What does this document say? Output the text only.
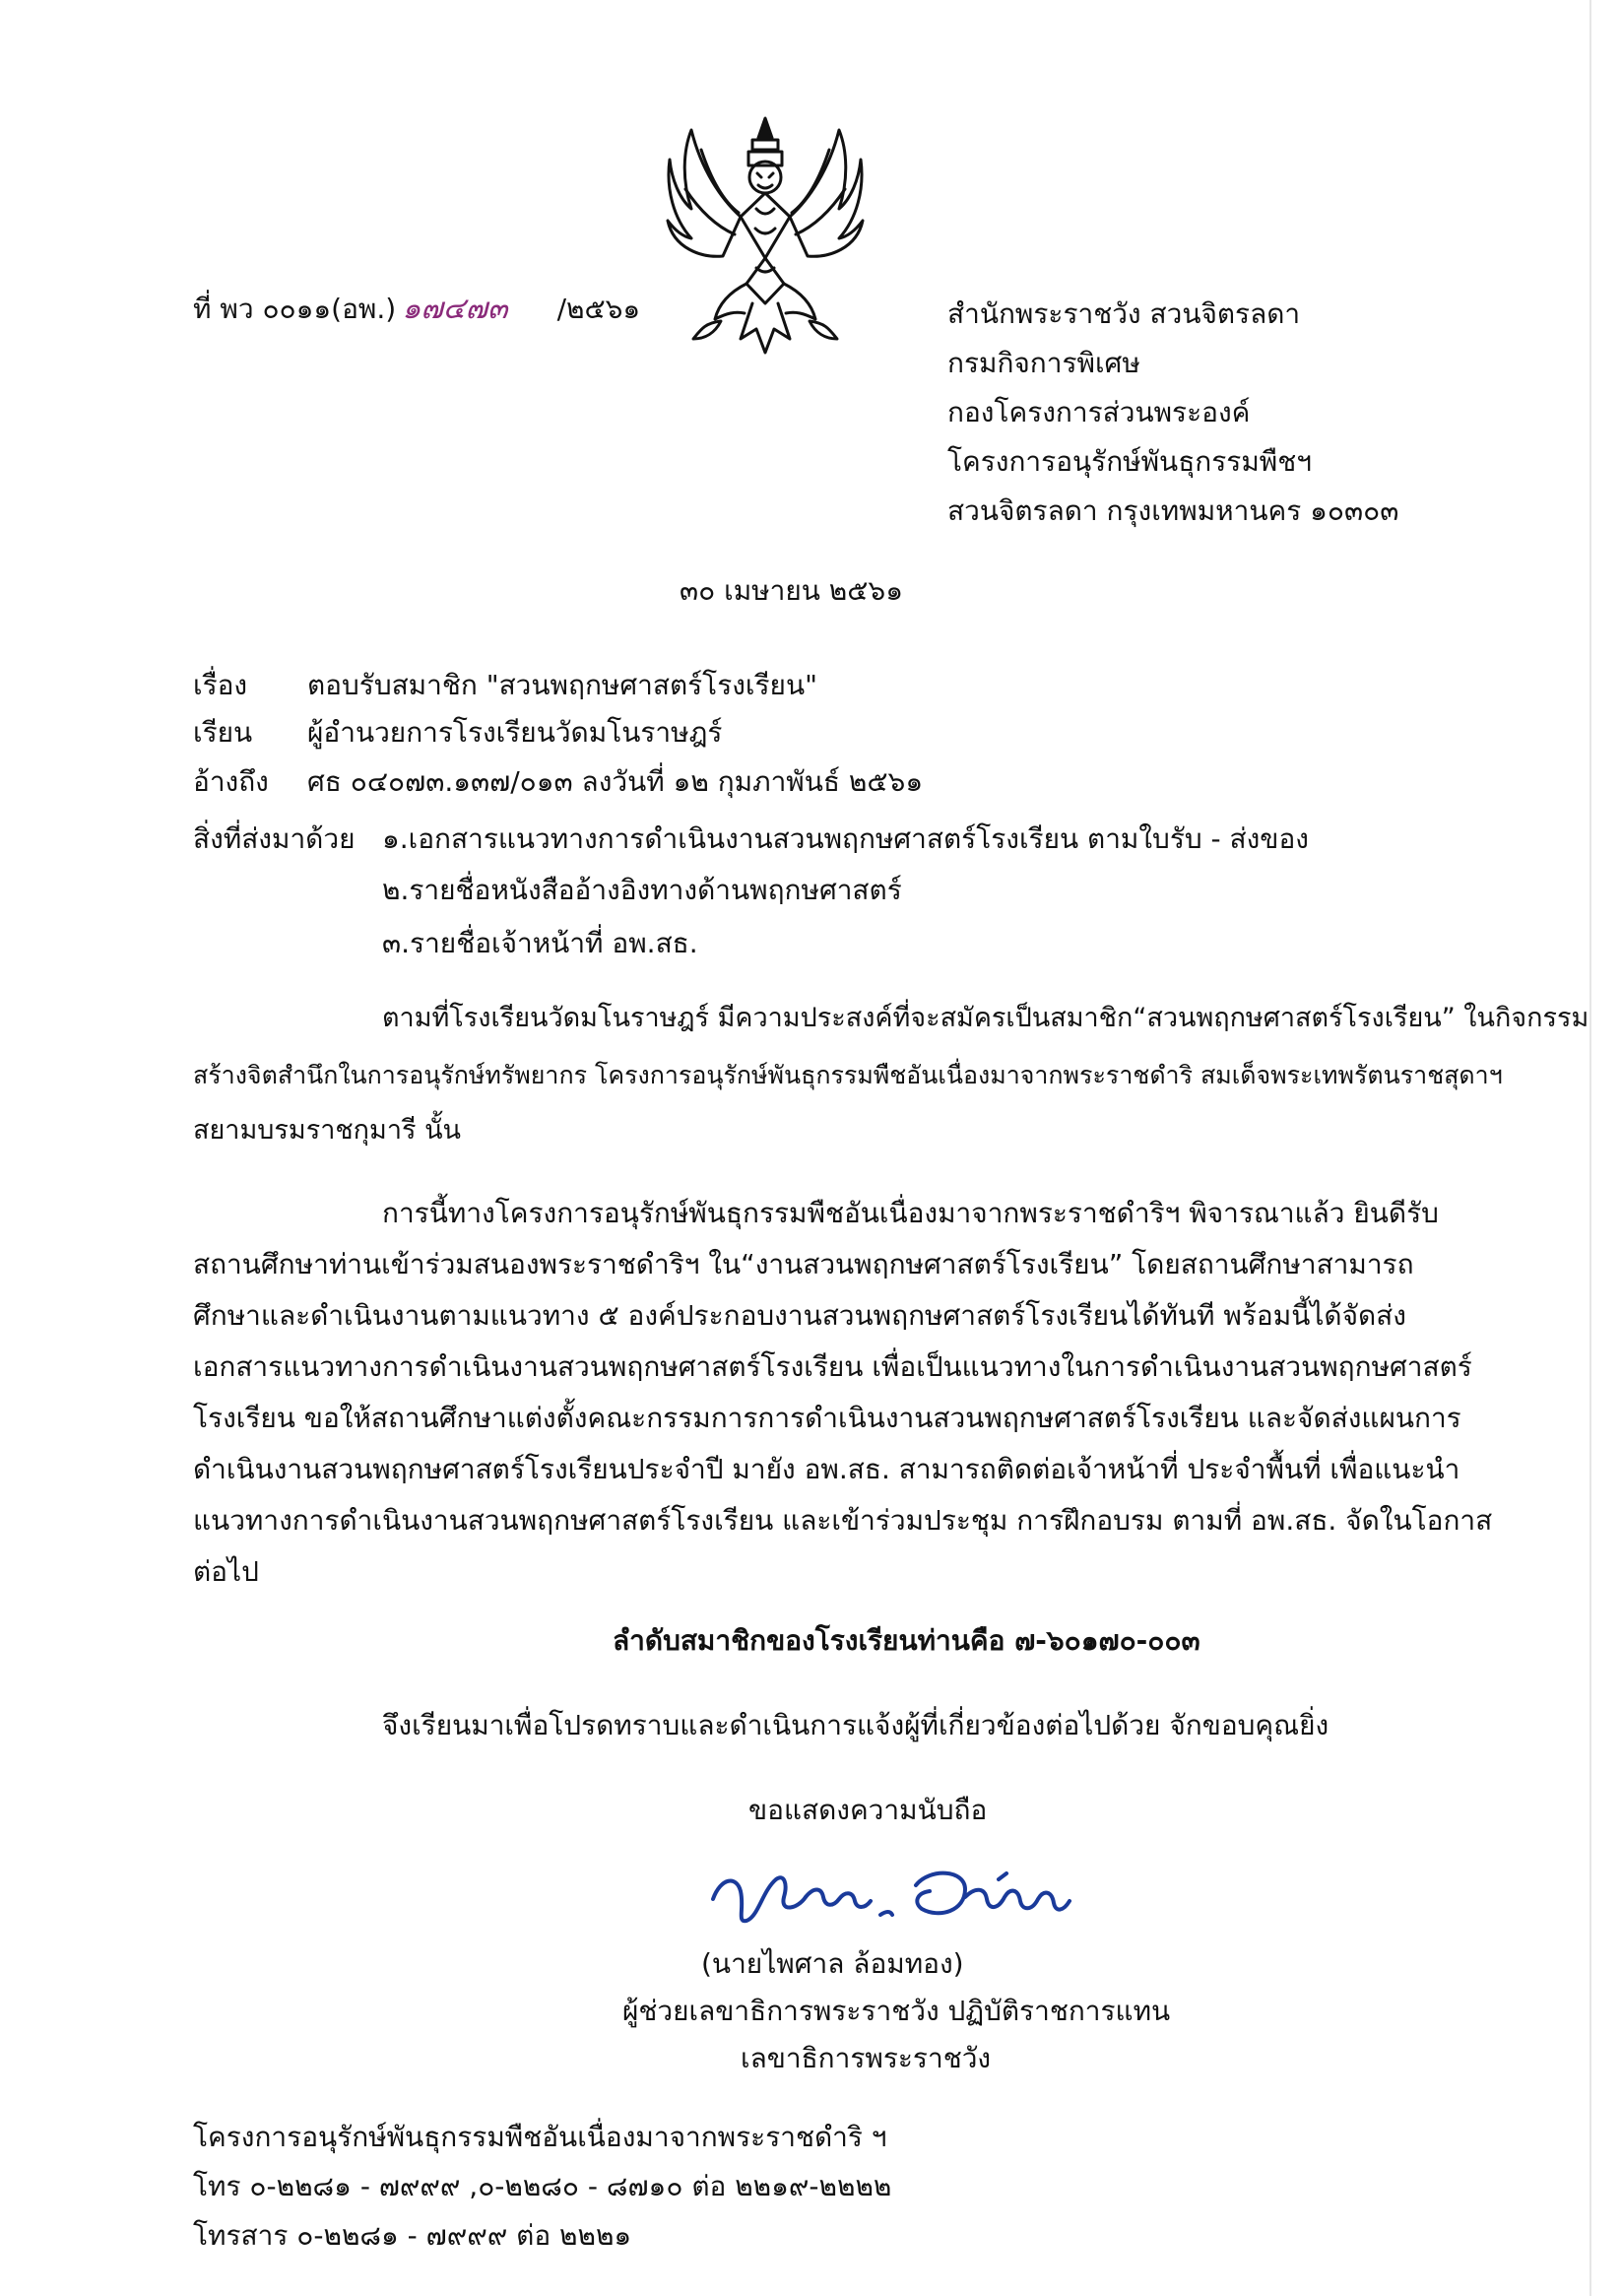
ที่ พว ๐๐๑๑(อพ.) ๑๗๔๗๓ /๒๕๖๑	สำนักพระราชวัง สวนจิตรลดา
กรมกิจการพิเศษ
กองโครงการส่วนพระองค์
โครงการอนุรักษ์พันธุกรรมพืชฯ
สวนจิตรลดา กรุงเทพมหานคร ๑๐๓๐๓
๓๐ เมษายน ๒๕๖๑
เรื่อง ตอบรับสมาชิก "สวนพฤกษศาสตร์โรงเรียน"
เรียน ผู้อำนวยการโรงเรียนวัดมโนราษฎร์
อ้างถึง ศธ ๐๔๐๗๓.๑๓๗/๐๑๓ ลงวันที่ ๑๒ กุมภาพันธ์ ๒๕๖๑
สิ่งที่ส่งมาด้วย ๑.เอกสารแนวทางการดำเนินงานสวนพฤกษศาสตร์โรงเรียน ตามใบรับ - ส่งของ
๒.รายชื่อหนังสืออ้างอิงทางด้านพฤกษศาสตร์
๓.รายชื่อเจ้าหน้าที่ อพ.สธ.
ตามที่โรงเรียนวัดมโนราษฎร์ มีความประสงค์ที่จะสมัครเป็นสมาชิก“สวนพฤกษศาสตร์โรงเรียน” ในกิจกรรม
สร้างจิตสำนึกในการอนุรักษ์ทรัพยากร โครงการอนุรักษ์พันธุกรรมพืชอันเนื่องมาจากพระราชดำริ สมเด็จพระเทพรัตนราชสุดาฯ
สยามบรมราชกุมารี นั้น
การนี้ทางโครงการอนุรักษ์พันธุกรรมพืชอันเนื่องมาจากพระราชดำริฯ พิจารณาแล้ว ยินดีรับ
สถานศึกษาท่านเข้าร่วมสนองพระราชดำริฯ ใน“งานสวนพฤกษศาสตร์โรงเรียน” โดยสถานศึกษาสามารถ
ศึกษาและดำเนินงานตามแนวทาง ๕ องค์ประกอบงานสวนพฤกษศาสตร์โรงเรียนได้ทันที พร้อมนี้ได้จัดส่ง
เอกสารแนวทางการดำเนินงานสวนพฤกษศาสตร์โรงเรียน เพื่อเป็นแนวทางในการดำเนินงานสวนพฤกษศาสตร์
โรงเรียน ขอให้สถานศึกษาแต่งตั้งคณะกรรมการการดำเนินงานสวนพฤกษศาสตร์โรงเรียน และจัดส่งแผนการ
ดำเนินงานสวนพฤกษศาสตร์โรงเรียนประจำปี มายัง อพ.สธ. สามารถติดต่อเจ้าหน้าที่ ประจำพื้นที่ เพื่อแนะนำ
แนวทางการดำเนินงานสวนพฤกษศาสตร์โรงเรียน และเข้าร่วมประชุม การฝึกอบรม ตามที่ อพ.สธ. จัดในโอกาส
ต่อไป
ลำดับสมาชิกของโรงเรียนท่านคือ ๗-๖๐๑๗๐-๐๐๓
จึงเรียนมาเพื่อโปรดทราบและดำเนินการแจ้งผู้ที่เกี่ยวข้องต่อไปด้วย จักขอบคุณยิ่ง
ขอแสดงความนับถือ
(นายไพศาล ล้อมทอง)
ผู้ช่วยเลขาธิการพระราชวัง ปฏิบัติราชการแทน
เลขาธิการพระราชวัง
โครงการอนุรักษ์พันธุกรรมพืชอันเนื่องมาจากพระราชดำริ ฯ
โทร ๐-๒๒๘๑ - ๗๙๙๙ ,๐-๒๒๘๐ - ๘๗๑๐ ต่อ ๒๒๑๙-๒๒๒๒
โทรสาร ๐-๒๒๘๑ - ๗๙๙๙ ต่อ ๒๒๒๑
